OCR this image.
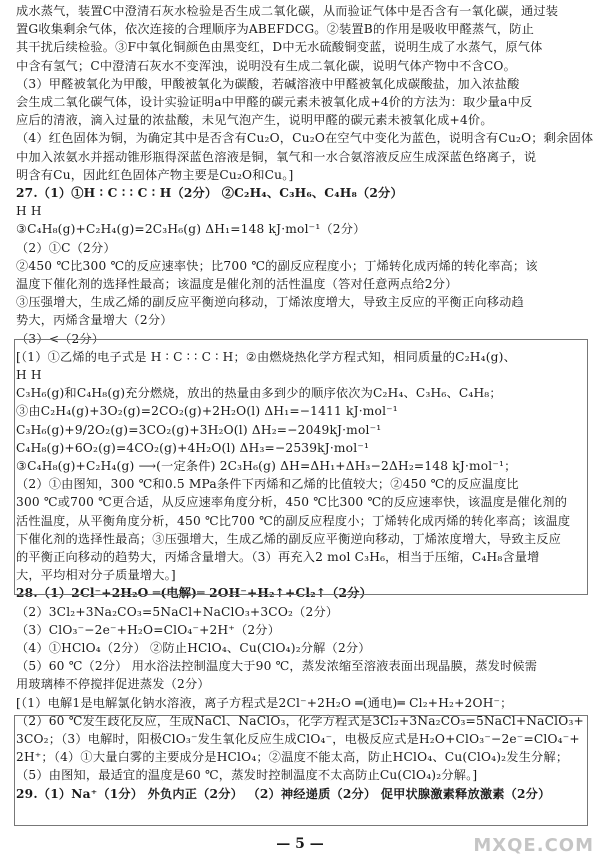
成水蒸气，装置C中澄清石灰水检验是否生成二氧化碳，从而验证气体中是否含有一氧化碳，通过装
置G收集剩余气体，依次连接的合理顺序为ABEFDCG。②装置B的作用是吸收甲醛蒸气，防止
其干扰后续检验。③F中氧化铜颜色由黑变红，D中无水硫酸铜变蓝，说明生成了水蒸气，原气体
中含有氢气；C中澄清石灰水不变浑浊，说明没有生成二氧化碳，说明气体产物中不含CO。
（3）甲醛被氧化为甲酸，甲酸被氧化为碳酸，若碱溶液中甲醛被氧化成碳酸盐，加入浓盐酸
会生成二氧化碳气体，设计实验证明a中甲醛的碳元素未被氧化成+4价的方法为：取少量a中反
应后的清液，滴入过量的浓盐酸，未见气泡产生，说明甲醛的碳元素未被氧化成+4价。
（4）红色固体为铜，为确定其中是否含有Cu₂O，Cu₂O在空气中变化为蓝色，说明含有Cu₂O；剩余固体
中加入浓氨水并摇动锥形瓶得深蓝色溶液是铜，氧气和一水合氨溶液反应生成深蓝色络离子，说
明含有Cu，因此红色固体产物主要是Cu₂O和Cu。]
27.（1）①H ∶ C ∶ ∶ C ∶ H（2分） ②C₂H₄、C₃H₆、C₄H₈（2分）
H H
③C₄H₈(g)+C₂H₄(g)=2C₃H₆(g) ΔH₁=148 kJ·mol⁻¹（2分）
（2）①C（2分）
②450 ℃比300 ℃的反应速率快；比700 ℃的副反应程度小；丁烯转化成丙烯的转化率高；该
温度下催化剂的选择性最高；该温度是催化剂的活性温度（答对任意两点给2分）
③压强增大，生成乙烯的副反应平衡逆向移动，丁烯浓度增大，导致主反应的平衡正向移动趋
势大，丙烯含量增大（2分）
（3）<（2分）
[（1）①乙烯的电子式是 H ∶ C ∶ ∶ C ∶ H；②由燃烧热化学方程式知，相同质量的C₂H₄(g)、
H H
C₃H₆(g)和C₄H₈(g)充分燃烧，放出的热量由多到少的顺序依次为C₂H₄、C₃H₆、C₄H₈；
③由C₂H₄(g)+3O₂(g)=2CO₂(g)+2H₂O(l) ΔH₁=−1411 kJ·mol⁻¹
C₃H₆(g)+9/2O₂(g)=3CO₂(g)+3H₂O(l) ΔH₂=−2049kJ·mol⁻¹
C₄H₈(g)+6O₂(g)=4CO₂(g)+4H₂O(l) ΔH₃=−2539kJ·mol⁻¹
③C₄H₈(g)+C₂H₄(g) ⟶(一定条件) 2C₃H₆(g) ΔH=ΔH₁+ΔH₃−2ΔH₂=148 kJ·mol⁻¹；
（2）①由图知，300 ℃和0.5 MPa条件下丙烯和乙烯的比值较大；②450 ℃的反应温度比
300 ℃或700 ℃更合适，从反应速率角度分析，450 ℃比300 ℃的反应速率快，该温度是催化剂的
活性温度，从平衡角度分析，450 ℃比700 ℃的副反应程度小；丁烯转化成丙烯的转化率高；该温度
下催化剂的选择性最高；③压强增大，生成乙烯的副反应平衡逆向移动，丁烯浓度增大，导致主反应
的平衡正向移动的趋势大，丙烯含量增大。（3）再充入2 mol C₃H₆，相当于压缩，C₄H₈含量增
大，平均相对分子质量增大。]
28.（1）2Cl⁻+2H₂O ═(电解)═ 2OH⁻+H₂↑+Cl₂↑（2分）
（2）3Cl₂+3Na₂CO₃=5NaCl+NaClO₃+3CO₂（2分）
（3）ClO₃⁻−2e⁻+H₂O=ClO₄⁻+2H⁺（2分）
（4）①HClO₄（2分） ②防止HClO₄、Cu(ClO₄)₂分解（2分）
（5）60 ℃（2分） 用水浴法控制温度大于90 ℃，蒸发浓缩至溶液表面出现晶膜，蒸发时候需
用玻璃棒不停搅拌促进蒸发（2分）
[（1）电解1是电解氯化钠水溶液，离子方程式是2Cl⁻+2H₂O ═(通电)═ Cl₂+H₂+2OH⁻；
（2）60 ℃发生歧化反应，生成NaCl、NaClO₃，化学方程式是3Cl₂+3Na₂CO₃=5NaCl+NaClO₃+
3CO₂；（3）电解时，阳极ClO₃⁻发生氧化反应生成ClO₄⁻，电极反应式是H₂O+ClO₃⁻−2e⁻=ClO₄⁻+
2H⁺；（4）①大量白雾的主要成分是HClO₄；②温度不能太高，防止HClO₄、Cu(ClO₄)₂发生分解；
（5）由图知，最适宜的温度是60 ℃，蒸发时控制温度不太高防止Cu(ClO₄)₂分解。]
29.（1）Na⁺（1分） 外负内正（2分） （2）神经递质（2分） 促甲状腺激素释放激素（2分）
— 5 —	MXQE.COM
